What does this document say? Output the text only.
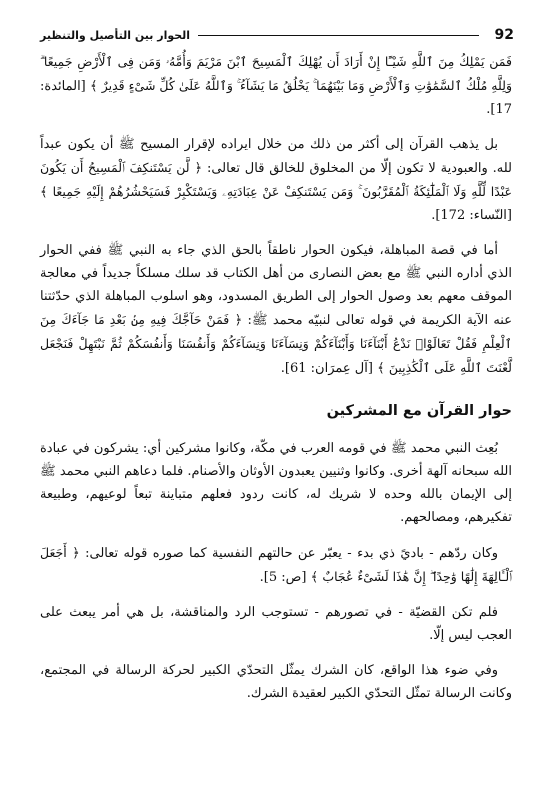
92
الحوار بين التأصيل والتنظير

فَمَن يَمْلِكُ مِنَ ٱللَّهِ شَيْـًٔا إِنْ أَرَادَ أَن يُهْلِكَ ٱلْمَسِيحَ ٱبْنَ مَرْيَمَ وَأُمَّهُۥ وَمَن فِى ٱلْأَرْضِ جَمِيعًا ۗ وَلِلَّهِ مُلْكُ ٱلسَّمَٰوَٰتِ وَٱلْأَرْضِ وَمَا بَيْنَهُمَا ۚ يَخْلُقُ مَا يَشَآءُ ۚ وَٱللَّهُ عَلَىٰ كُلِّ شَىْءٍ قَدِيرٌ ﴾ [المائدة: 17].

بل يذهب القرآن إلى أكثر من ذلك من خلال ايراده لإقرار المسيح ﷺ أن يكون عبداً لله. والعبودية لا تكون إلّا من المخلوق للخالق قال تعالى: ﴿ لَّن يَسْتَنكِفَ ٱلْمَسِيحُ أَن يَكُونَ عَبْدًا لِّلَّهِ وَلَا ٱلْمَلَٰٓئِكَةُ ٱلْمُقَرَّبُونَ ۚ وَمَن يَسْتَنكِفْ عَنْ عِبَادَتِهِۦ وَيَسْتَكْبِرْ فَسَيَحْشُرُهُمْ إِلَيْهِ جَمِيعًا ﴾ [النّساء: 172].

أما في قصة المباهلة، فيكون الحوار ناطقاً بالحق الذي جاء به النبي ﷺ ففي الحوار الذي أداره النبي ﷺ مع بعض النصارى من أهل الكتاب قد سلك مسلكاً جديداً في معالجة الموقف معهم بعد وصول الحوار إلى الطريق المسدود، وهو اسلوب المباهلة الذي حدّثتنا عنه الآية الكريمة في قوله تعالى لنبيّه محمد ﷺ: ﴿ فَمَنْ حَآجَّكَ فِيهِ مِنۢ بَعْدِ مَا جَآءَكَ مِنَ ٱلْعِلْمِ فَقُلْ تَعَالَوْا۟ نَدْعُ أَبْنَآءَنَا وَأَبْنَآءَكُمْ وَنِسَآءَنَا وَنِسَآءَكُمْ وَأَنفُسَنَا وَأَنفُسَكُمْ ثُمَّ نَبْتَهِلْ فَنَجْعَل لَّعْنَتَ ٱللَّهِ عَلَى ٱلْكَٰذِبِينَ ﴾ [آل عِمرَان: 61].

حوار القرآن مع المشركين

بُعِث النبي محمد ﷺ في قومه العرب في مكّة، وكانوا مشركين أي: يشركون في عبادة الله سبحانه آلهة أخرى. وكانوا وثنيين يعبدون الأوثان والأصنام. فلما دعاهم النبي محمد ﷺ إلى الإيمان بالله وحده لا شريك له، كانت ردود فعلهم متباينة تبعاً لوعيهم، وطبيعة تفكيرهم، ومصالحهم.

وكان ردّهم - باديً ذي بدء - يعبّر عن حالتهم النفسية كما صوره قوله تعالى: ﴿ أَجَعَلَ ٱلْـَٔالِهَةَ إِلَٰهًا وَٰحِدًا ۖ إِنَّ هَٰذَا لَشَىْءٌ عُجَابٌ ﴾ [ص: 5].

فلم تكن القضيّة - في تصورهم - تستوجب الرد والمناقشة، بل هي أمر يبعث على العجب ليس إلّا.

وفي ضوء هذا الواقع، كان الشرك يمثّل التحدّي الكبير لحركة الرسالة في المجتمع، وكانت الرسالة تمثّل التحدّي الكبير لعقيدة الشرك.
